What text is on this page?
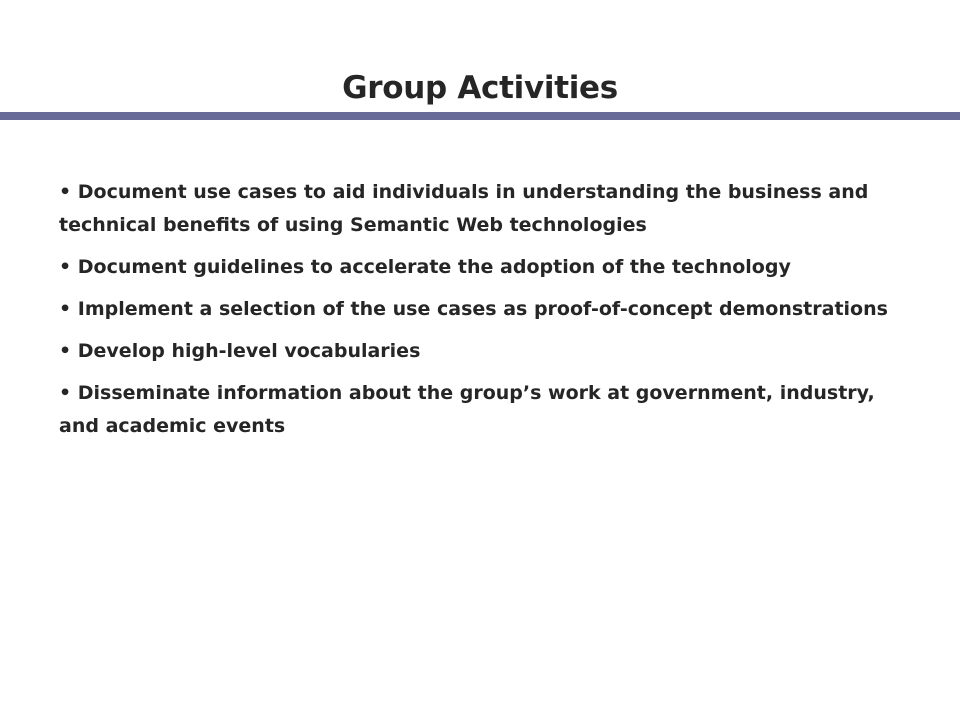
Group Activities
• Document use cases to aid individuals in understanding the business and technical benefits of using Semantic Web technologies
• Document guidelines to accelerate the adoption of the technology
• Implement a selection of the use cases as proof-of-concept demonstrations
• Develop high-level vocabularies
• Disseminate information about the group’s work at government, industry, and academic events
